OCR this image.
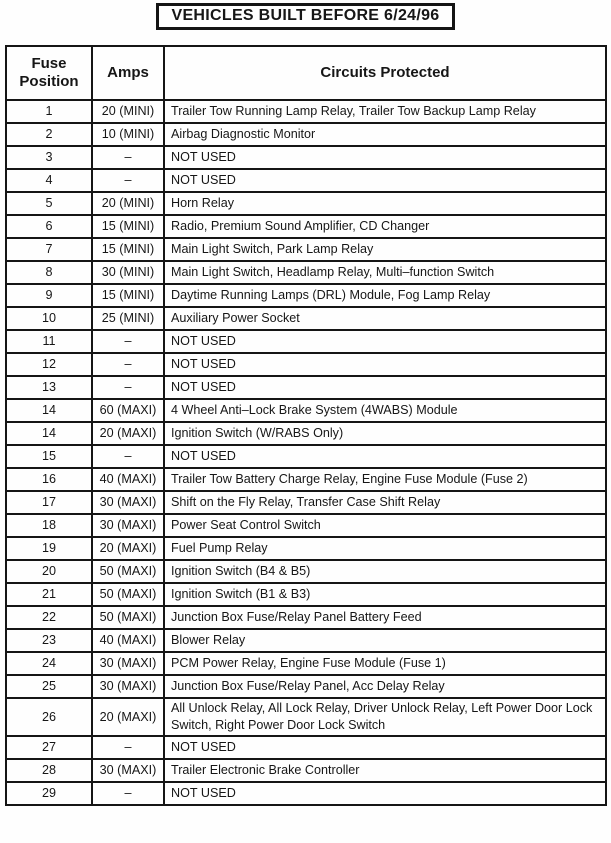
VEHICLES BUILT BEFORE 6/24/96
Fuse Position	Amps	Circuits Protected
1	20 (MINI)	Trailer Tow Running Lamp Relay, Trailer Tow Backup Lamp Relay
2	10 (MINI)	Airbag Diagnostic Monitor
3	–	NOT USED
4	–	NOT USED
5	20 (MINI)	Horn Relay
6	15 (MINI)	Radio, Premium Sound Amplifier, CD Changer
7	15 (MINI)	Main Light Switch, Park Lamp Relay
8	30 (MINI)	Main Light Switch, Headlamp Relay, Multi–function Switch
9	15 (MINI)	Daytime Running Lamps (DRL) Module, Fog Lamp Relay
10	25 (MINI)	Auxiliary Power Socket
11	–	NOT USED
12	–	NOT USED
13	–	NOT USED
14	60 (MAXI)	4 Wheel Anti–Lock Brake System (4WABS) Module
14	20 (MAXI)	Ignition Switch (W/RABS Only)
15	–	NOT USED
16	40 (MAXI)	Trailer Tow Battery Charge Relay, Engine Fuse Module (Fuse 2)
17	30 (MAXI)	Shift on the Fly Relay, Transfer Case Shift Relay
18	30 (MAXI)	Power Seat Control Switch
19	20 (MAXI)	Fuel Pump Relay
20	50 (MAXI)	Ignition Switch (B4 & B5)
21	50 (MAXI)	Ignition Switch (B1 & B3)
22	50 (MAXI)	Junction Box Fuse/Relay Panel Battery Feed
23	40 (MAXI)	Blower Relay
24	30 (MAXI)	PCM Power Relay, Engine Fuse Module (Fuse 1)
25	30 (MAXI)	Junction Box Fuse/Relay Panel, Acc Delay Relay
26	20 (MAXI)	All Unlock Relay, All Lock Relay, Driver Unlock Relay, Left Power Door Lock Switch, Right Power Door Lock Switch
27	–	NOT USED
28	30 (MAXI)	Trailer Electronic Brake Controller
29	–	NOT USED
